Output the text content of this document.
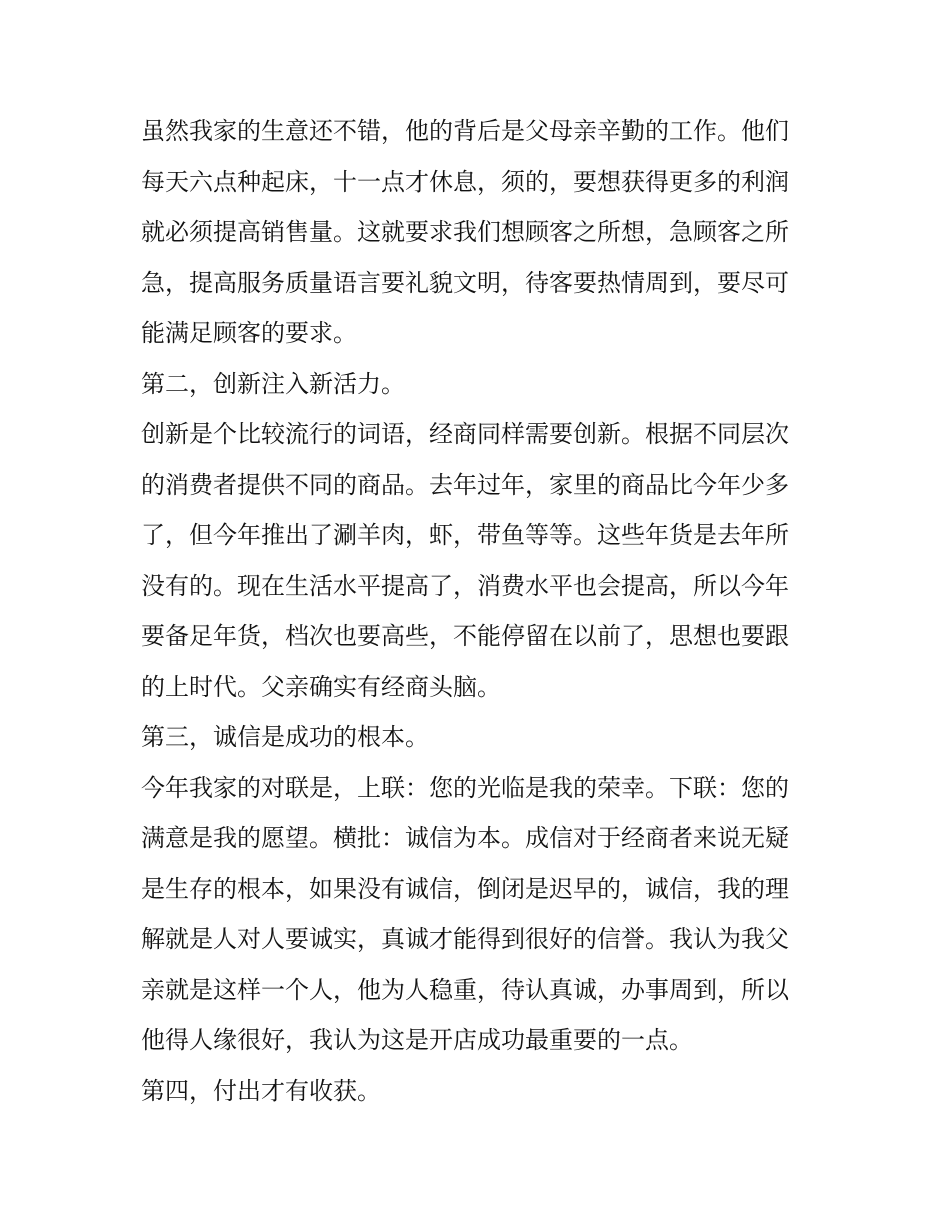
虽然我家的生意还不错，他的背后是父母亲辛勤的工作。他们
每天六点种起床，十一点才休息，须的，要想获得更多的利润
就必须提高销售量。这就要求我们想顾客之所想，急顾客之所
急，提高服务质量语言要礼貌文明，待客要热情周到，要尽可
能满足顾客的要求。
第二，创新注入新活力。
创新是个比较流行的词语，经商同样需要创新。根据不同层次
的消费者提供不同的商品。去年过年，家里的商品比今年少多
了，但今年推出了涮羊肉，虾，带鱼等等。这些年货是去年所
没有的。现在生活水平提高了，消费水平也会提高，所以今年
要备足年货，档次也要高些，不能停留在以前了，思想也要跟
的上时代。父亲确实有经商头脑。
第三，诚信是成功的根本。
今年我家的对联是，上联：您的光临是我的荣幸。下联：您的
满意是我的愿望。横批：诚信为本。成信对于经商者来说无疑
是生存的根本，如果没有诚信，倒闭是迟早的，诚信，我的理
解就是人对人要诚实，真诚才能得到很好的信誉。我认为我父
亲就是这样一个人，他为人稳重，待认真诚，办事周到，所以
他得人缘很好，我认为这是开店成功最重要的一点。
第四，付出才有收获。
